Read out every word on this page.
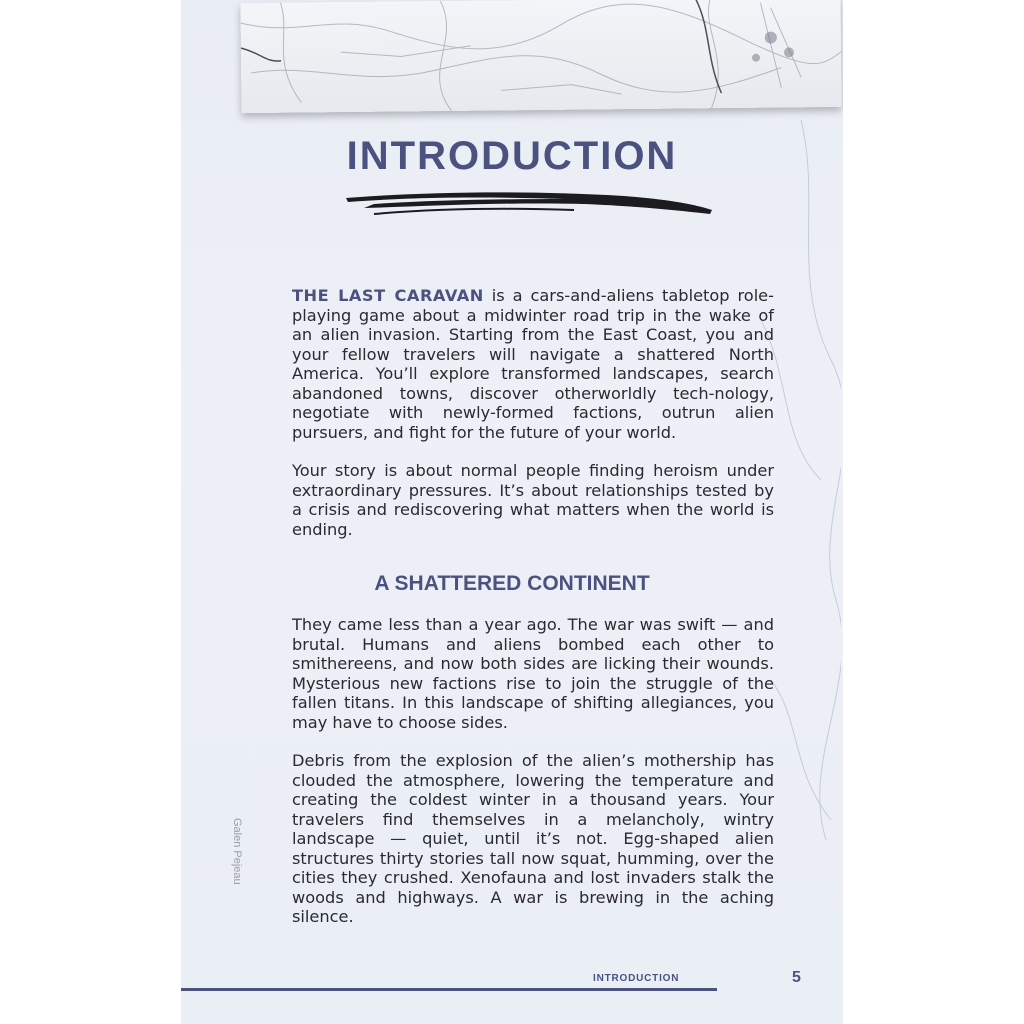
INTRODUCTION

THE LAST CARAVAN is a cars-and-aliens tabletop role-playing game about a midwinter road trip in the wake of an alien invasion. Starting from the East Coast, you and your fellow travelers will navigate a shattered North America. You’ll explore transformed landscapes, search abandoned towns, discover otherworldly tech-nology, negotiate with newly-formed factions, outrun alien pursuers, and fight for the future of your world.

Your story is about normal people finding heroism under extraordinary pressures. It’s about relationships tested by a crisis and rediscovering what matters when the world is ending.

A SHATTERED CONTINENT

They came less than a year ago. The war was swift — and brutal. Humans and aliens bombed each other to smithereens, and now both sides are licking their wounds. Mysterious new factions rise to join the struggle of the fallen titans. In this landscape of shifting allegiances, you may have to choose sides.

Debris from the explosion of the alien’s mothership has clouded the atmosphere, lowering the temperature and creating the coldest winter in a thousand years. Your travelers find themselves in a melancholy, wintry landscape — quiet, until it’s not. Egg-shaped alien structures thirty stories tall now squat, humming, over the cities they crushed. Xenofauna and lost invaders stalk the woods and highways. A war is brewing in the aching silence.

Galen Pejeau
INTRODUCTION	5
